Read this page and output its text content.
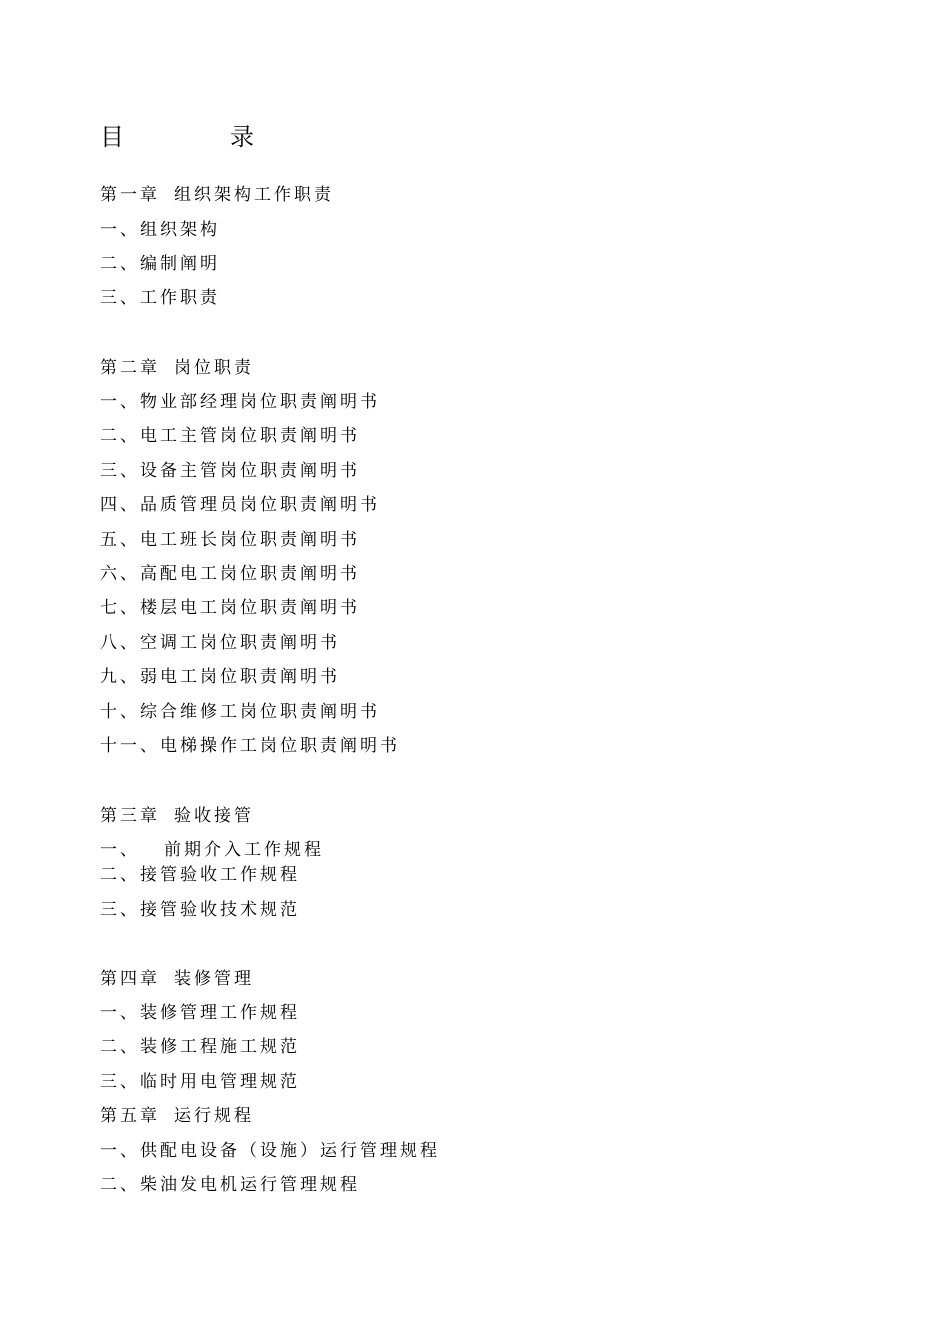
目	录
第一章 组织架构工作职责
一、组织架构
二、编制阐明
三、工作职责
第二章 岗位职责
一、物业部经理岗位职责阐明书
二、电工主管岗位职责阐明书
三、设备主管岗位职责阐明书
四、品质管理员岗位职责阐明书
五、电工班长岗位职责阐明书
六、高配电工岗位职责阐明书
七、楼层电工岗位职责阐明书
八、空调工岗位职责阐明书
九、弱电工岗位职责阐明书
十、综合维修工岗位职责阐明书
十一、电梯操作工岗位职责阐明书
第三章 验收接管
一、 前期介入工作规程
二、接管验收工作规程
三、接管验收技术规范
第四章 装修管理
一、装修管理工作规程
二、装修工程施工规范
三、临时用电管理规范
第五章 运行规程
一、供配电设备（设施）运行管理规程
二、柴油发电机运行管理规程
